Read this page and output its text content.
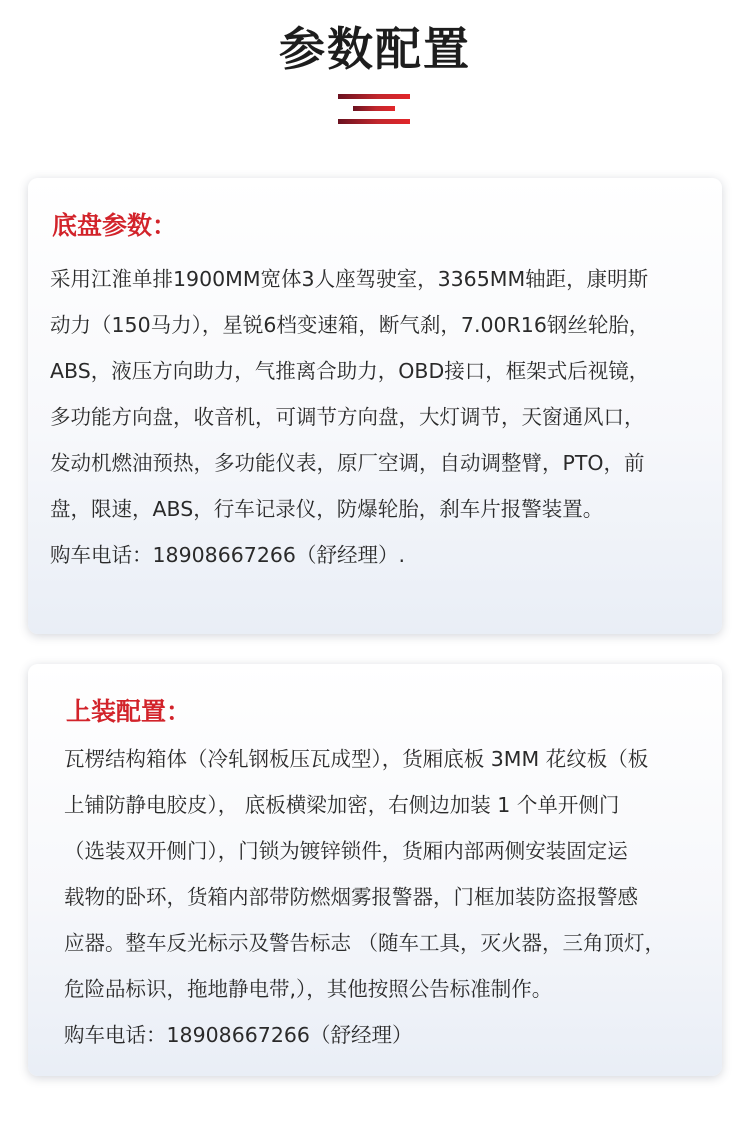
参数配置
底盘参数：
采用江淮单排1900MM宽体3人座驾驶室，3365MM轴距，康明斯
动力（150马力），星锐6档变速箱，断气刹，7.00R16钢丝轮胎，
ABS，液压方向助力，气推离合助力，OBD接口，框架式后视镜，
多功能方向盘，收音机，可调节方向盘，大灯调节，天窗通风口，
发动机燃油预热，多功能仪表，原厂空调，自动调整臂，PTO，前
盘，限速，ABS，行车记录仪，防爆轮胎，刹车片报警装置。
购车电话：18908667266（舒经理）.
上装配置：
瓦楞结构箱体（冷轧钢板压瓦成型），货厢底板 3MM 花纹板（板
上铺防静电胶皮）， 底板横梁加密，右侧边加装 1 个单开侧门
（选装双开侧门），门锁为镀锌锁件，货厢内部两侧安装固定运
载物的卧环，货箱内部带防燃烟雾报警器，门框加装防盗报警感
应器。整车反光标示及警告标志 （随车工具，灭火器，三角顶灯，
危险品标识，拖地静电带,），其他按照公告标准制作。
购车电话：18908667266（舒经理）
